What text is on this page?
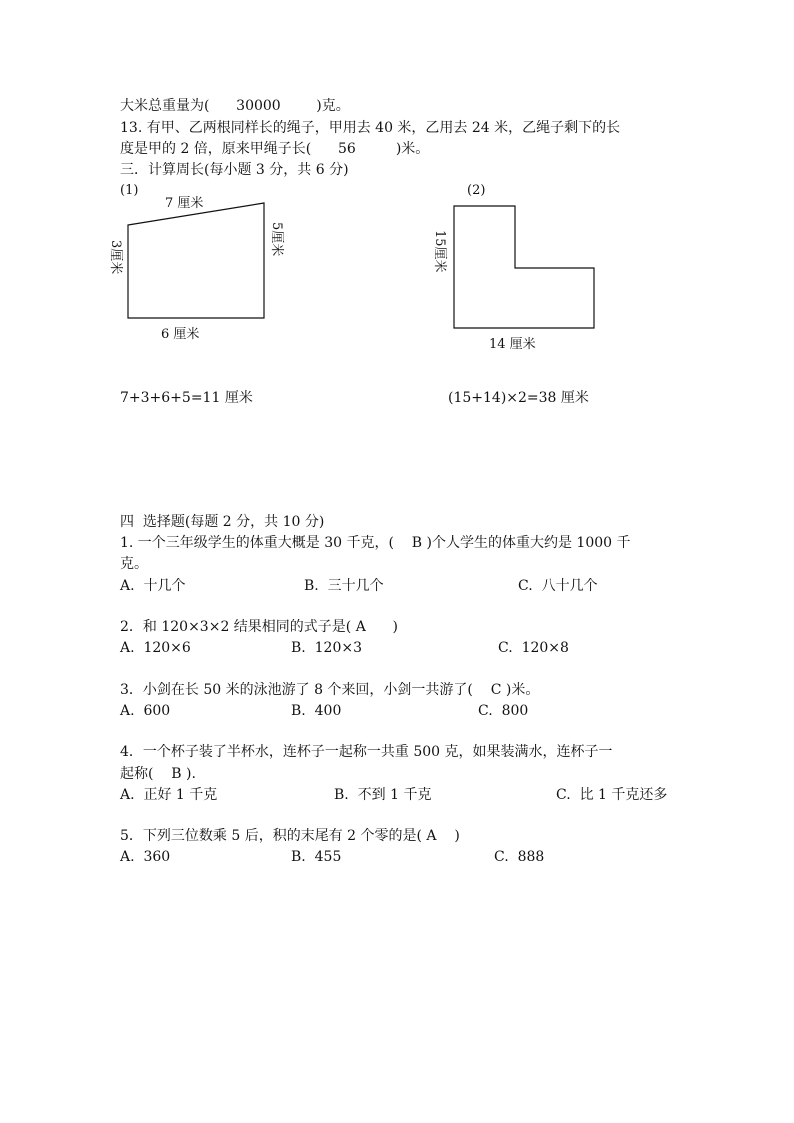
大米总重量为(      30000        )克。
13. 有甲、乙两根同样长的绳子，甲用去 40 米，乙用去 24 米，乙绳子剩下的长
度是甲的 2 倍，原来甲绳子长(      56         )米。
三．计算周长(每小题 3 分，共 6 分)
(1)	(2)
7 厘米
3厘米
5厘米
6 厘米
15厘米
14 厘米
7+3+6+5=11 厘米	(15+14)×2=38 厘米
四  选择题(每题 2 分，共 10 分)
1. 一个三年级学生的体重大概是 30 千克，(    B )个人学生的体重大约是 1000 千
克。
A.  十几个	B.  三十几个	C.  八十几个
2．和 120×3×2 结果相同的式子是( A      )
A.  120×6	B.  120×3	C.  120×8
3．小剑在长 50 米的泳池游了 8 个来回，小剑一共游了(    C )米。
A.  600	B.  400	C.  800
4．一个杯子装了半杯水，连杯子一起称一共重 500 克，如果装满水，连杯子一
起称(    B ).
A.  正好 1 千克	B.  不到 1 千克	C.  比 1 千克还多
5．下列三位数乘 5 后，积的末尾有 2 个零的是( A    )
A.  360	B.  455	C.  888
